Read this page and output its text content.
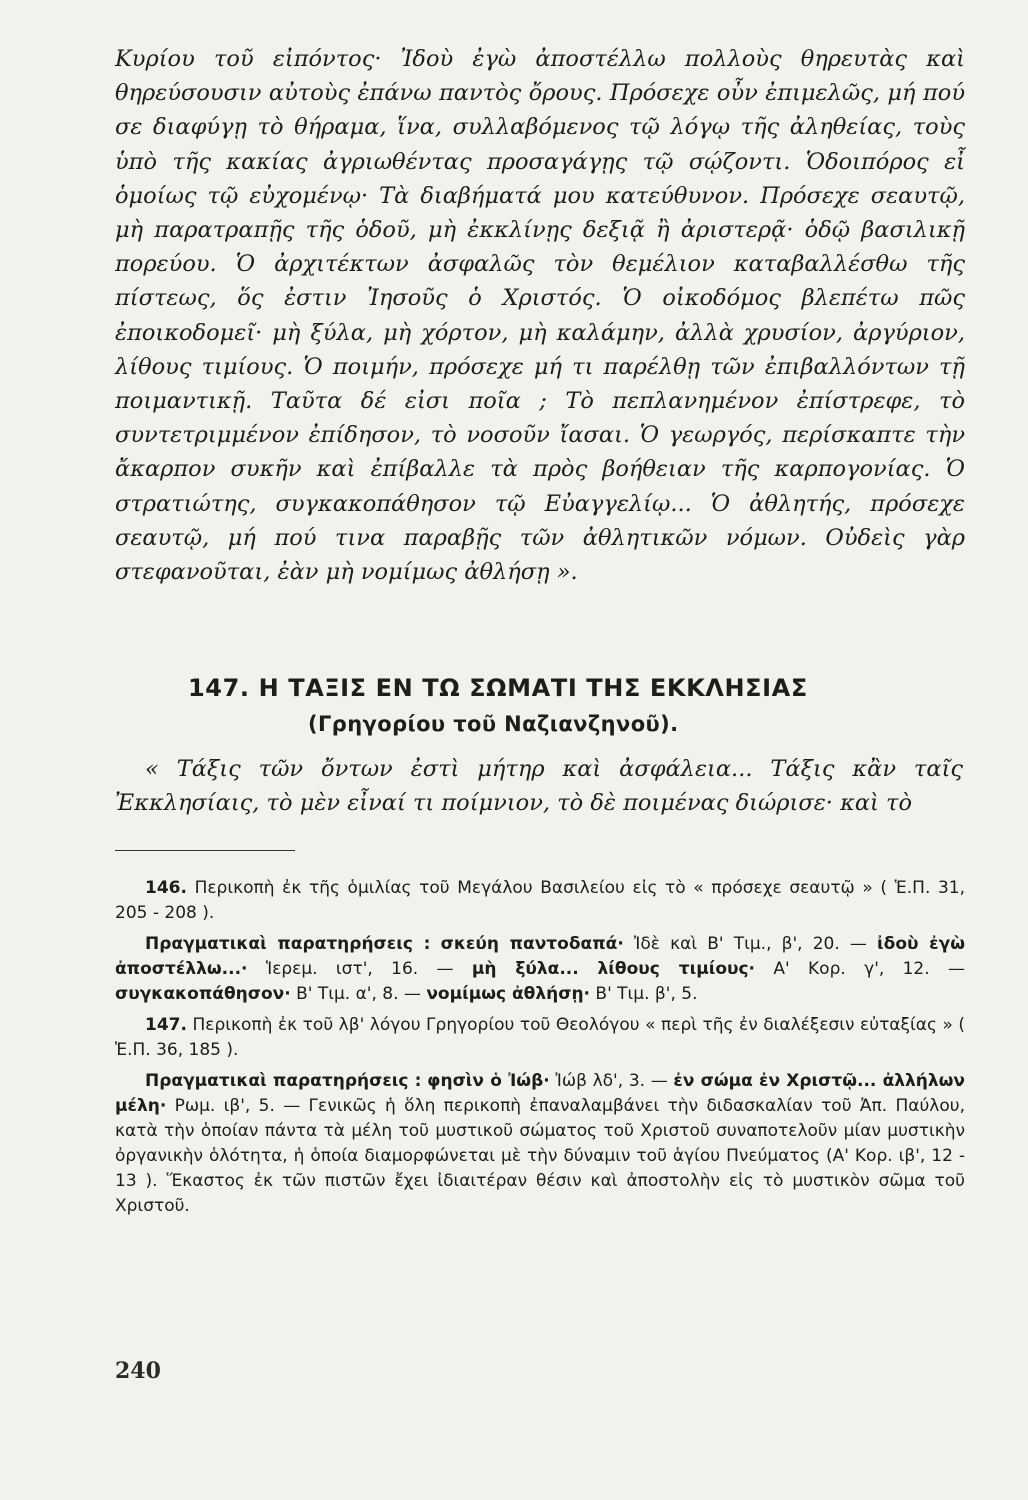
Κυρίου τοῦ εἰπόντος· Ἰδοὺ ἐγὼ ἀποστέλλω πολλοὺς θηρευτὰς καὶ θηρεύσουσιν αὐτοὺς ἐπάνω παντὸς ὄρους. Πρόσεχε οὖν ἐπιμελῶς, μή πού σε διαφύγῃ τὸ θήραμα, ἵνα, συλλαβόμενος τῷ λόγῳ τῆς ἀληθείας, τοὺς ὑπὸ τῆς κακίας ἀγριωθέντας προσαγάγῃς τῷ σῴζοντι. Ὁδοιπόρος εἶ ὁμοίως τῷ εὐχομένῳ· Τὰ διαβήματά μου κατεύθυνον. Πρόσεχε σεαυτῷ, μὴ παρατραπῇς τῆς ὁδοῦ, μὴ ἐκκλίνῃς δεξιᾷ ἢ ἀριστερᾷ· ὁδῷ βασιλικῇ πορεύου. Ὁ ἀρχιτέκτων ἀσφαλῶς τὸν θεμέλιον καταβαλλέσθω τῆς πίστεως, ὅς ἐστιν Ἰησοῦς ὁ Χριστός. Ὁ οἰκοδόμος βλεπέτω πῶς ἐποικοδομεῖ· μὴ ξύλα, μὴ χόρτον, μὴ καλάμην, ἀλλὰ χρυσίον, ἀργύριον, λίθους τιμίους. Ὁ ποιμήν, πρόσεχε μή τι παρέλθῃ τῶν ἐπιβαλλόντων τῇ ποιμαντικῇ. Ταῦτα δέ εἰσι ποῖα ; Τὸ πεπλανημένον ἐπίστρεφε, τὸ συντετριμμένον ἐπίδησον, τὸ νοσοῦν ἴασαι. Ὁ γεωργός, περίσκαπτε τὴν ἄκαρπον συκῆν καὶ ἐπίβαλλε τὰ πρὸς βοήθειαν τῆς καρπογονίας. Ὁ στρατιώτης, συγκακοπάθησον τῷ Εὐαγγελίῳ... Ὁ ἀθλητής, πρόσεχε σεαυτῷ, μή πού τινα παραβῇς τῶν ἀθλητικῶν νόμων. Οὐδεὶς γὰρ στεφανοῦται, ἐὰν μὴ νομίμως ἀθλήσῃ ».

147. Η ΤΑΞΙΣ ΕΝ ΤΩ ΣΩΜΑΤΙ ΤΗΣ ΕΚΚΛΗΣΙΑΣ
(Γρηγορίου τοῦ Ναζιανζηνοῦ).

« Τάξις τῶν ὄντων ἐστὶ μήτηρ καὶ ἀσφάλεια... Τάξις κἂν ταῖς Ἐκκλησίαις, τὸ μὲν εἶναί τι ποίμνιον, τὸ δὲ ποιμένας διώρισε· καὶ τὸ

146. Περικοπὴ ἐκ τῆς ὁμιλίας τοῦ Μεγάλου Βασιλείου εἰς τὸ « πρόσεχε σεαυτῷ » ( Ἑ.Π. 31, 205 - 208 ).

Πραγματικαὶ παρατηρήσεις : σκεύη παντοδαπά· Ἰδὲ καὶ Β' Τιμ., β', 20. — ἰδοὺ ἐγὼ ἀποστέλλω...· Ἱερεμ. ιστ', 16. — μὴ ξύλα... λίθους τιμίους· Α' Κορ. γ', 12. — συγκακοπάθησον· Β' Τιμ. α', 8. — νομίμως ἀθλήσῃ· Β' Τιμ. β', 5.

147. Περικοπὴ ἐκ τοῦ λβ' λόγου Γρηγορίου τοῦ Θεολόγου « περὶ τῆς ἐν διαλέξεσιν εὐταξίας » ( Ἑ.Π. 36, 185 ).

Πραγματικαὶ παρατηρήσεις : φησὶν ὁ Ἰώβ· Ἰώβ λδ', 3. — ἐν σώμα ἐν Χριστῷ... ἀλλήλων μέλη· Ρωμ. ιβ', 5. — Γενικῶς ἡ ὅλη περικοπὴ ἐπαναλαμβάνει τὴν διδασκαλίαν τοῦ Ἀπ. Παύλου, κατὰ τὴν ὁποίαν πάντα τὰ μέλη τοῦ μυστικοῦ σώματος τοῦ Χριστοῦ συναποτελοῦν μίαν μυστικὴν ὀργανικὴν ὁλότητα, ἡ ὁποία διαμορφώνεται μὲ τὴν δύναμιν τοῦ ἁγίου Πνεύματος (Α' Κορ. ιβ', 12 - 13 ). Ἕκαστος ἐκ τῶν πιστῶν ἔχει ἰδιαιτέραν θέσιν καὶ ἀποστολὴν εἰς τὸ μυστικὸν σῶμα τοῦ Χριστοῦ.

240
